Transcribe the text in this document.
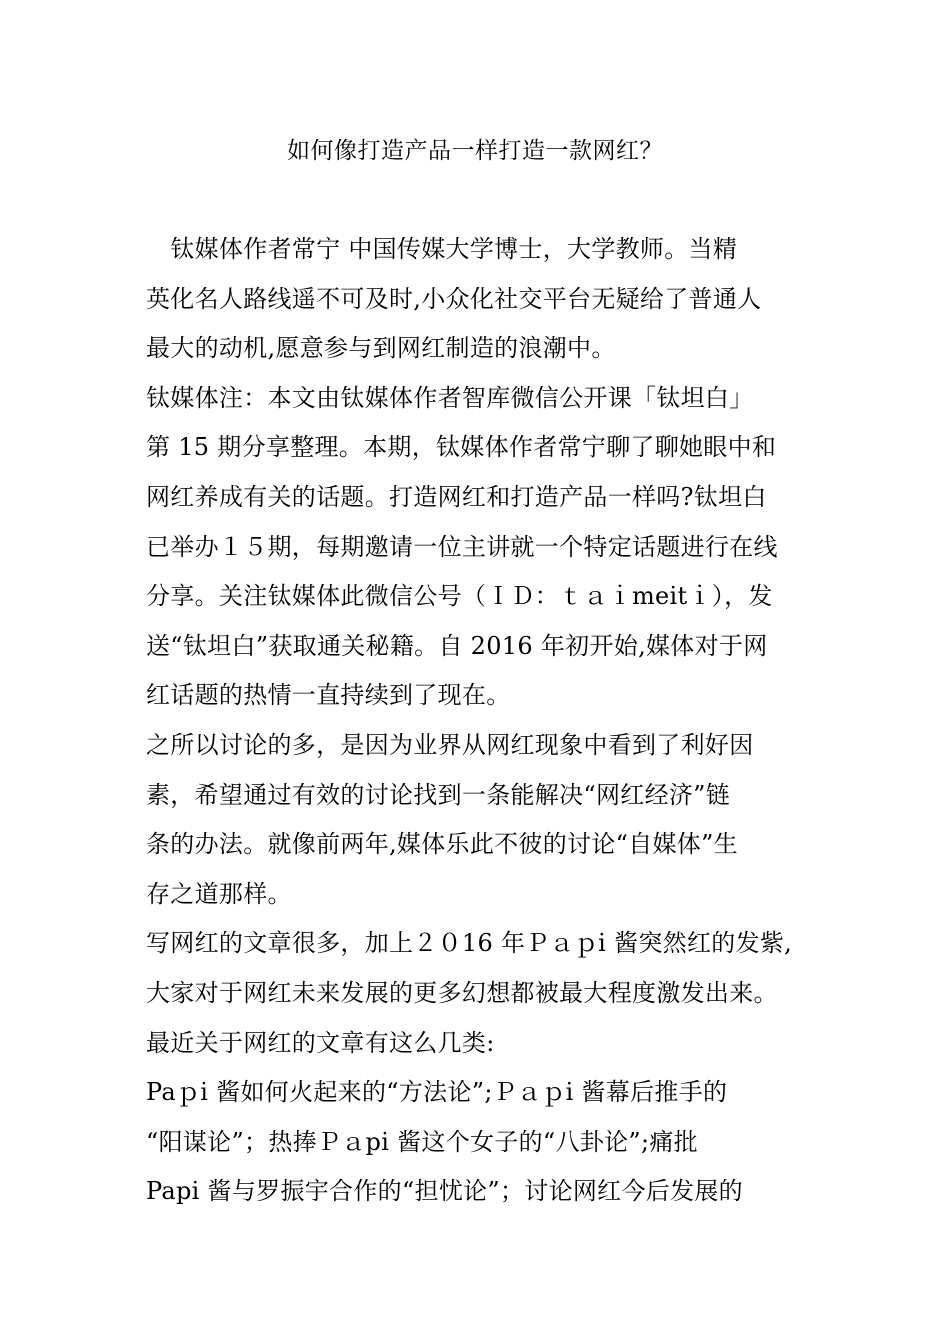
如何像打造产品一样打造一款网红？
　钛媒体作者常宁 中国传媒大学博士，大学教师。当精
英化名人路线遥不可及时,小众化社交平台无疑给了普通人
最大的动机,愿意参与到网红制造的浪潮中。
钛媒体注：本文由钛媒体作者智库微信公开课「钛坦白」
第 15 期分享整理。本期，钛媒体作者常宁聊了聊她眼中和
网红养成有关的话题。打造网红和打造产品一样吗?钛坦白
已举办１５期，每期邀请一位主讲就一个特定话题进行在线
分享。关注钛媒体此微信公号（ＩＤ：ｔａｉmeitｉ），发
送“钛坦白”获取通关秘籍。自 2016 年初开始,媒体对于网
红话题的热情一直持续到了现在。
之所以讨论的多，是因为业界从网红现象中看到了利好因
素，希望通过有效的讨论找到一条能解决“网红经济”链
条的办法。就像前两年,媒体乐此不彼的讨论“自媒体”生
存之道那样。
写网红的文章很多，加上２０16 年Ｐａｐi 酱突然红的发紫,
大家对于网红未来发展的更多幻想都被最大程度激发出来。
最近关于网红的文章有这么几类:
Paｐi 酱如何火起来的“方法论”;Ｐａｐi 酱幕后推手的
“阳谋论”；热捧Ｐａpi 酱这个女子的“八卦论”;痛批
Papi 酱与罗振宇合作的“担忧论”；讨论网红今后发展的
